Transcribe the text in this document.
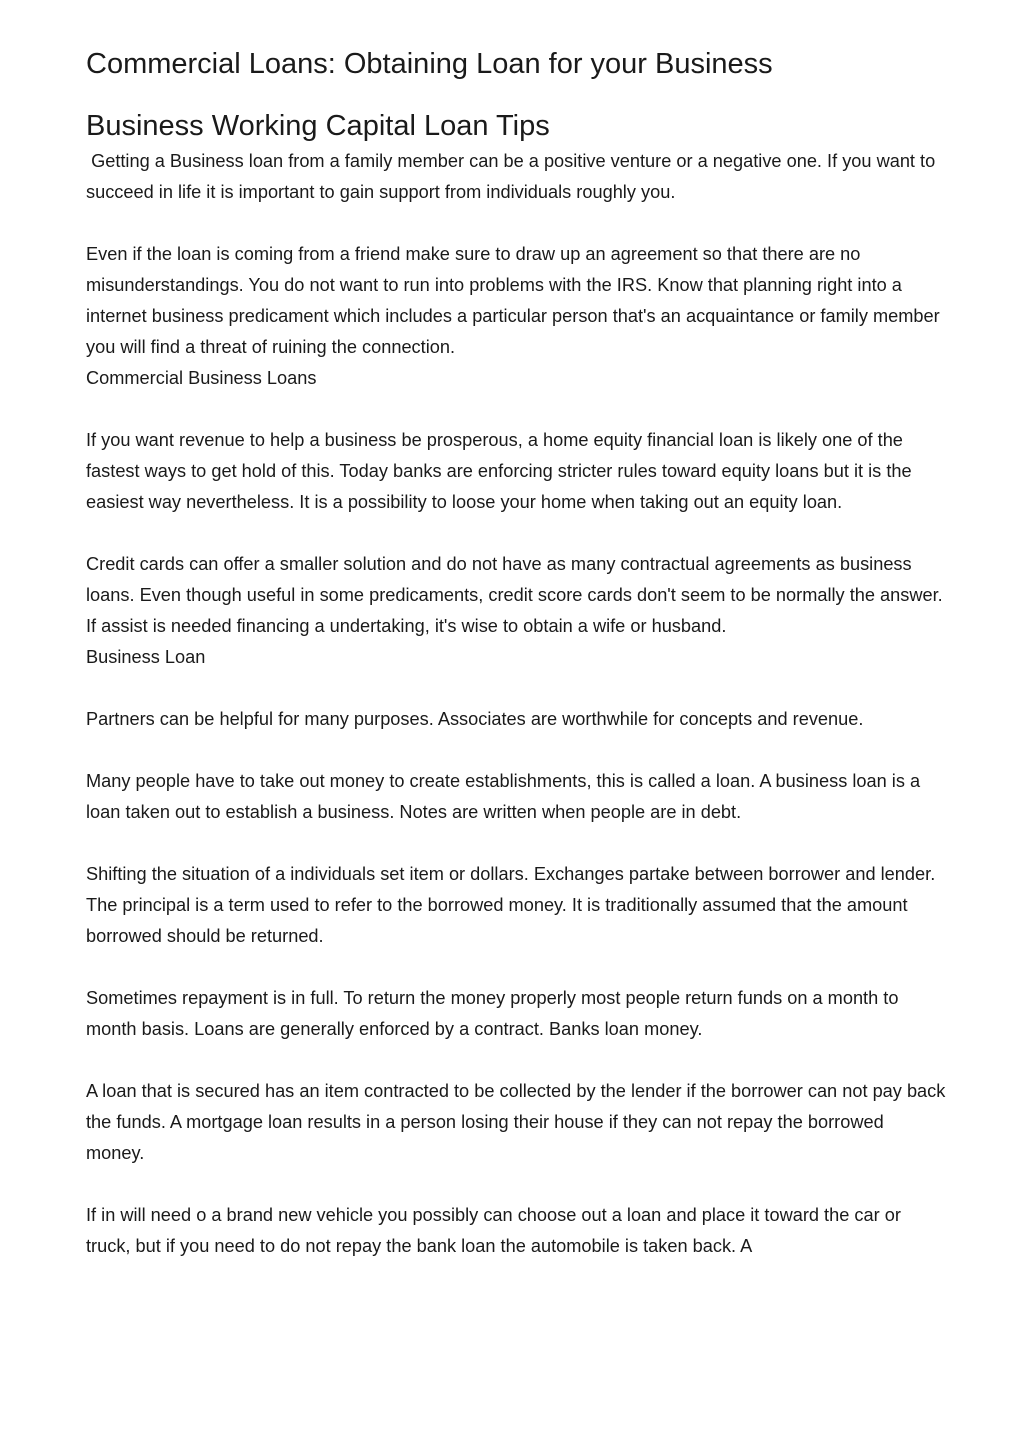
Commercial Loans: Obtaining Loan for your Business
Business Working Capital Loan Tips

Getting a Business loan from a family member can be a positive venture or a negative one. If you want to succeed in life it is important to gain support from individuals roughly you.

Even if the loan is coming from a friend make sure to draw up an agreement so that there are no misunderstandings. You do not want to run into problems with the IRS. Know that planning right into a internet business predicament which includes a particular person that's an acquaintance or family member you will find a threat of ruining the connection.

Commercial Business Loans

If you want revenue to help a business be prosperous, a home equity financial loan is likely one of the fastest ways to get hold of this. Today banks are enforcing stricter rules toward equity loans but it is the easiest way nevertheless. It is a possibility to loose your home when taking out an equity loan.

Credit cards can offer a smaller solution and do not have as many contractual agreements as business loans. Even though useful in some predicaments, credit score cards don't seem to be normally the answer. If assist is needed financing a undertaking, it's wise to obtain a wife or husband.

Business Loan

Partners can be helpful for many purposes. Associates are worthwhile for concepts and revenue.

Many people have to take out money to create establishments, this is called a loan. A business loan is a loan taken out to establish a business. Notes are written when people are in debt.

Shifting the situation of a individuals set item or dollars. Exchanges partake between borrower and lender. The principal is a term used to refer to the borrowed money. It is traditionally assumed that the amount borrowed should be returned.

Sometimes repayment is in full. To return the money properly most people return funds on a month to month basis. Loans are generally enforced by a contract. Banks loan money.

A loan that is secured has an item contracted to be collected by the lender if the borrower can not pay back the funds. A mortgage loan results in a person losing their house if they can not repay the borrowed money.

If in will need o a brand new vehicle you possibly can choose out a loan and place it toward the car or truck, but if you need to do not repay the bank loan the automobile is taken back. A
